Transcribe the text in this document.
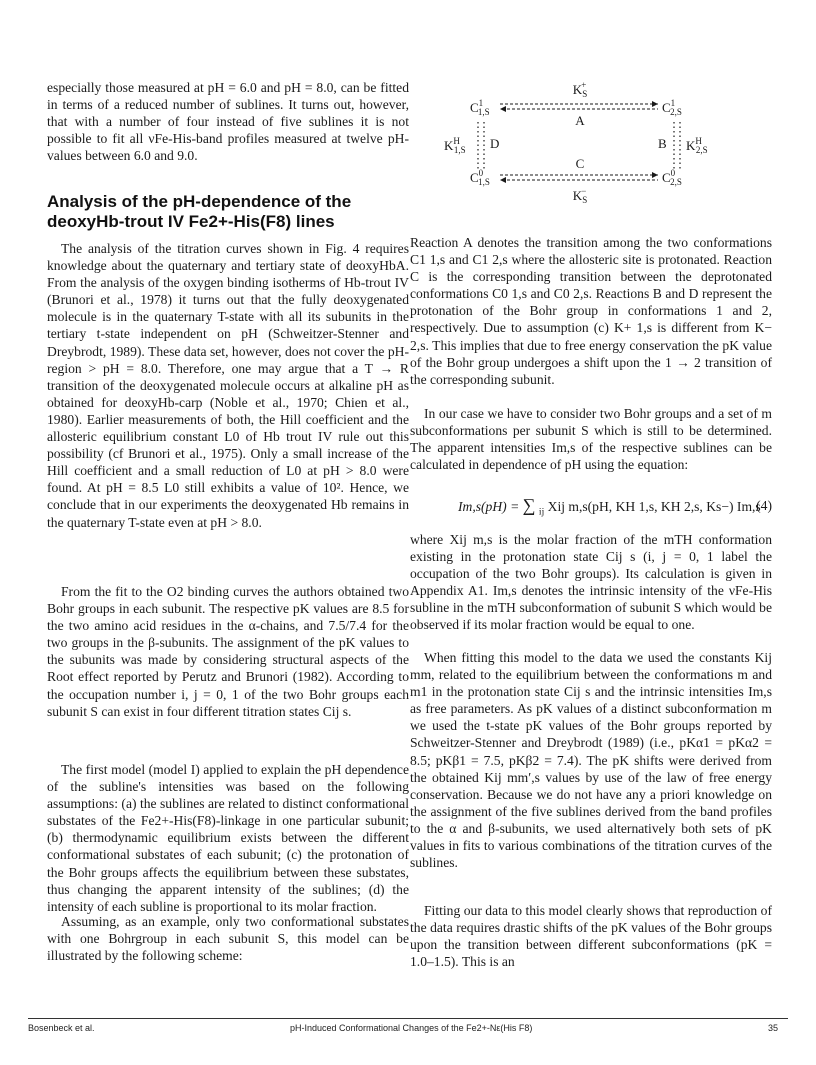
especially those measured at pH = 6.0 and pH = 8.0, can be fitted in terms of a reduced number of sublines. It turns out, however, that with a number of four instead of five sublines it is not possible to fit all νFe-His-band profiles measured at twelve pH-values between 6.0 and 9.0.

Analysis of the pH-dependence of the deoxyHb-trout IV Fe2+-His(F8) lines

The analysis of the titration curves shown in Fig. 4 requires knowledge about the quaternary and tertiary state of deoxyHbA. From the analysis of the oxygen binding isotherms of Hb-trout IV (Brunori et al., 1978) it turns out that the fully deoxygenated molecule is in the quaternary T-state with all its subunits in the tertiary t-state independent on pH (Schweitzer-Stenner and Dreybrodt, 1989). These data set, however, does not cover the pH-region > pH = 8.0. Therefore, one may argue that a T → R transition of the deoxygenated molecule occurs at alkaline pH as obtained for deoxyHb-carp (Noble et al., 1970; Chien et al., 1980). Earlier measurements of both, the Hill coefficient and the allosteric equilibrium constant L0 of Hb trout IV rule out this possibility (cf Brunori et al., 1975). Only a small increase of the Hill coefficient and a small reduction of L0 at pH > 8.0 were found. At pH = 8.5 L0 still exhibits a value of 10². Hence, we conclude that in our experiments the deoxygenated Hb remains in the quaternary T-state even at pH > 8.0.

From the fit to the O2 binding curves the authors obtained two Bohr groups in each subunit. The respective pK values are 8.5 for the two amino acid residues in the α-chains, and 7.5/7.4 for the two groups in the β-subunits. The assignment of the pK values to the subunits was made by considering structural aspects of the Root effect reported by Perutz and Brunori (1982). According to the occupation number i, j = 0, 1 of the two Bohr groups each subunit S can exist in four different titration states Cij s.

The first model (model I) applied to explain the pH dependence of the subline's intensities was based on the following assumptions: (a) the sublines are related to distinct conformational substates of the Fe2+-His(F8)-linkage in one particular subunit; (b) thermodynamic equilibrium exists between the different conformational substates of each subunit; (c) the protonation of the Bohr groups affects the equilibrium between these substates, thus changing the apparent intensity of the sublines; (d) the intensity of each subline is proportional to its molar fraction.

Assuming, as an example, only two conformational substates with one Bohrgroup in each subunit S, this model can be illustrated by the following scheme:

$K_S+$
$C^1$ 1,S	$C^1$ 2,S
A
$K^H$ 1,S D	B $K^H$ 2,S
$C^0$ 1,S	$C^0$ 2,S
C
$K_S-$

Reaction A denotes the transition among the two conformations C1 1,s and C1 2,s where the allosteric site is protonated. Reaction C is the corresponding transition between the deprotonated conformations C0 1,s and C0 2,s. Reactions B and D represent the protonation of the Bohr group in conformations 1 and 2, respectively. Due to assumption (c) K+ 1,s is different from K− 2,s. This implies that due to free energy conservation the pK value of the Bohr group undergoes a shift upon the 1 → 2 transition of the corresponding subunit.

In our case we have to consider two Bohr groups and a set of m subconformations per subunit S which is still to be determined. The apparent intensities Im,s of the respective sublines can be calculated in dependence of pH using the equation:

where Xij m,s is the molar fraction of the mTH conformation existing in the protonation state Cij s (i, j = 0, 1 label the occupation of the two Bohr groups). Its calculation is given in Appendix A1. Im,s denotes the intrinsic intensity of the νFe-His subline in the mTH subconformation of subunit S which would be observed if its molar fraction would be equal to one.

When fitting this model to the data we used the constants Kij mm, related to the equilibrium between the conformations m and m1 in the protonation state Cij s and the intrinsic intensities Im,s as free parameters. As pK values of a distinct subconformation m we used the t-state pK values of the Bohr groups reported by Schweitzer-Stenner and Dreybrodt (1989) (i.e., pKα1 = pKα2 = 8.5; pKβ1 = 7.5, pKβ2 = 7.4). The pK shifts were derived from the obtained Kij mm′,s values by use of the law of free energy conservation. Because we do not have any a priori knowledge on the assignment of the five sublines derived from the band profiles to the α and β-subunits, we used alternatively both sets of pK values in fits to various combinations of the titration curves of the sublines.

Fitting our data to this model clearly shows that reproduction of the data requires drastic shifts of the pK values of the Bohr groups upon the transition between different subconformations (pK = 1.0–1.5). This is an

Im,s(pH) = ∑ $_{ij}$ Xij m,s(pH, KH 1,s, KH 2,s, Ks−) Im,s
(4)
Bosenbeck et al.	pH-Induced Conformational Changes of the Fe2+-Nε(His F8)	35
